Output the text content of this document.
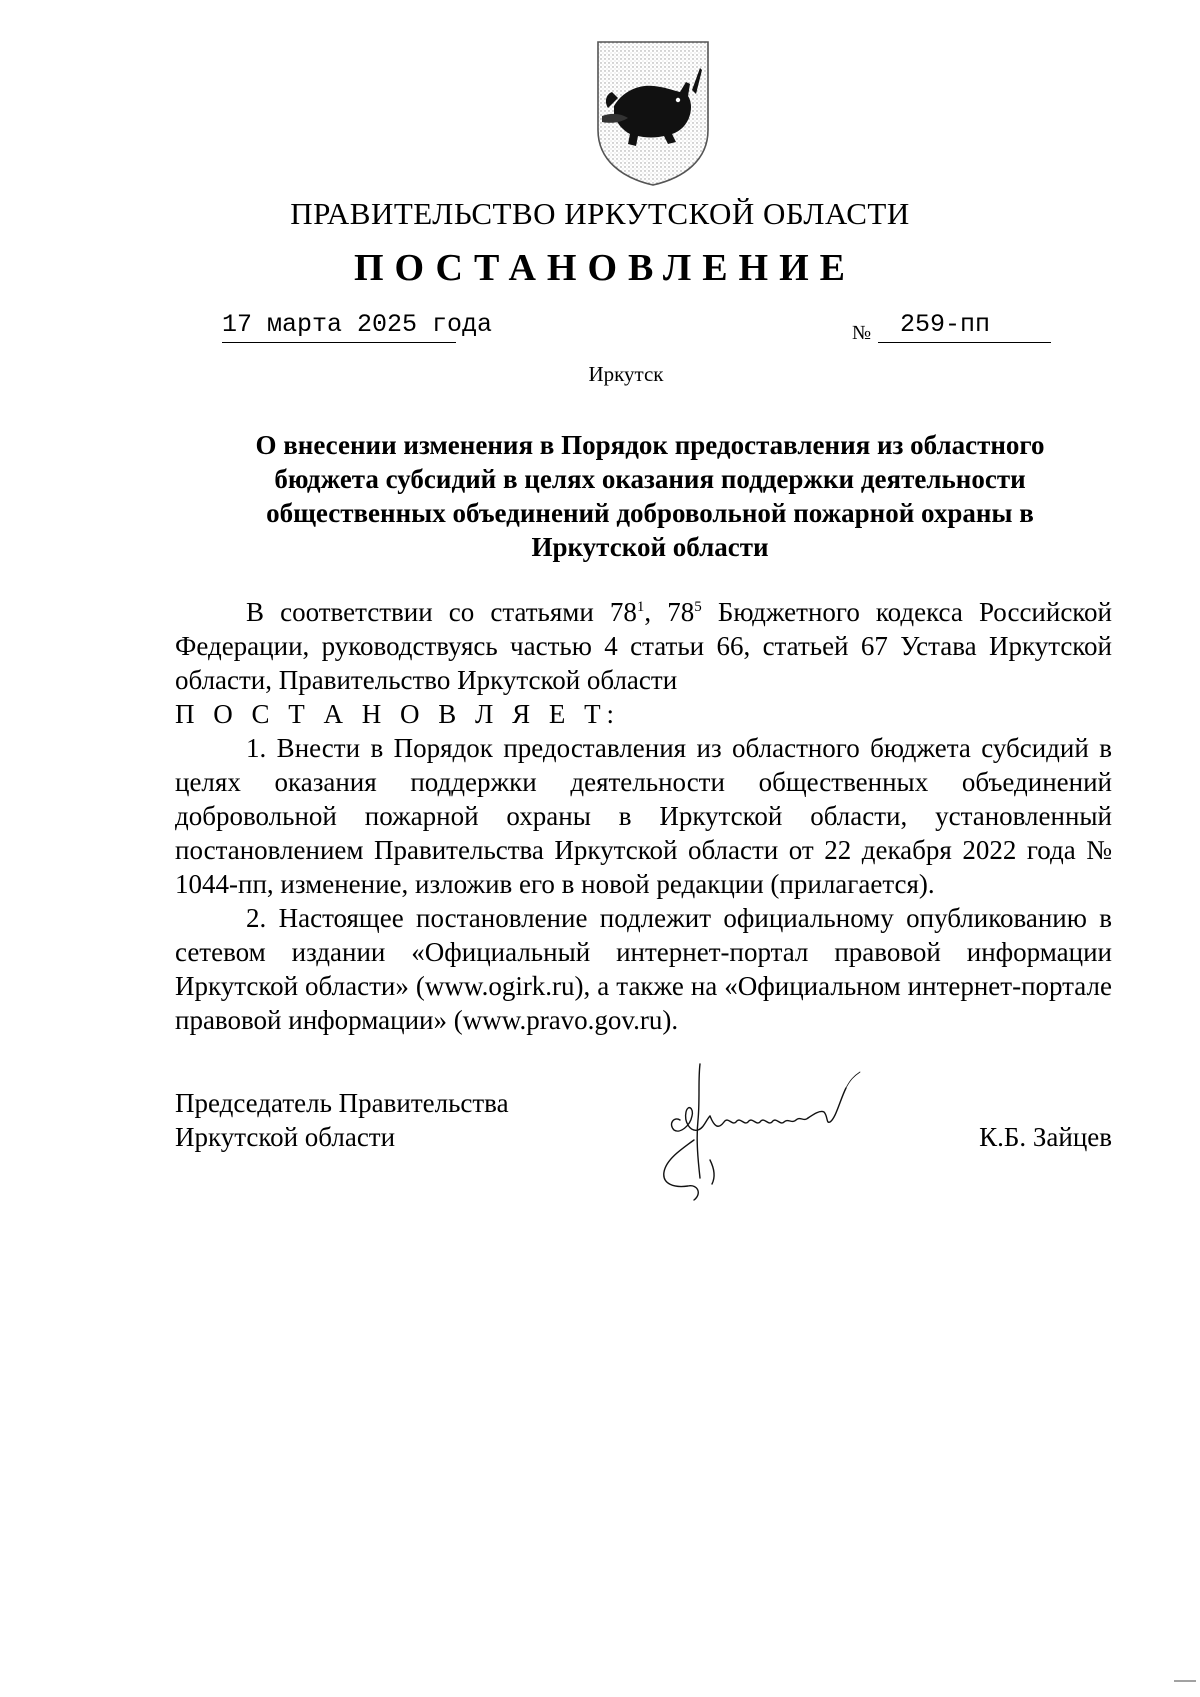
ПРАВИТЕЛЬСТВО ИРКУТСКОЙ ОБЛАСТИ
ПОСТАНОВЛЕНИЕ
17 марта 2025 года	№ 259-пп
Иркутск
О внесении изменения в Порядок предоставления из областного бюджета субсидий в целях оказания поддержки деятельности общественных объединений добровольной пожарной охраны в Иркутской области

В соответствии со статьями $78^1$, $78^5$ Бюджетного кодекса Российской Федерации, руководствуясь частью 4 статьи 66, статьей 67 Устава Иркутской области, Правительство Иркутской области

П О С Т А Н О В Л Я Е Т:

1. Внести в Порядок предоставления из областного бюджета субсидий в целях оказания поддержки деятельности общественных объединений добровольной пожарной охраны в Иркутской области, установленный постановлением Правительства Иркутской области от 22 декабря 2022 года № 1044-пп, изменение, изложив его в новой редакции (прилагается).

2. Настоящее постановление подлежит официальному опубликованию в сетевом издании «Официальный интернет-портал правовой информации Иркутской области» (www.ogirk.ru), а также на «Официальном интернет-портале правовой информации» (www.pravo.gov.ru).

Председатель Правительства
Иркутской области	К.Б. Зайцев
